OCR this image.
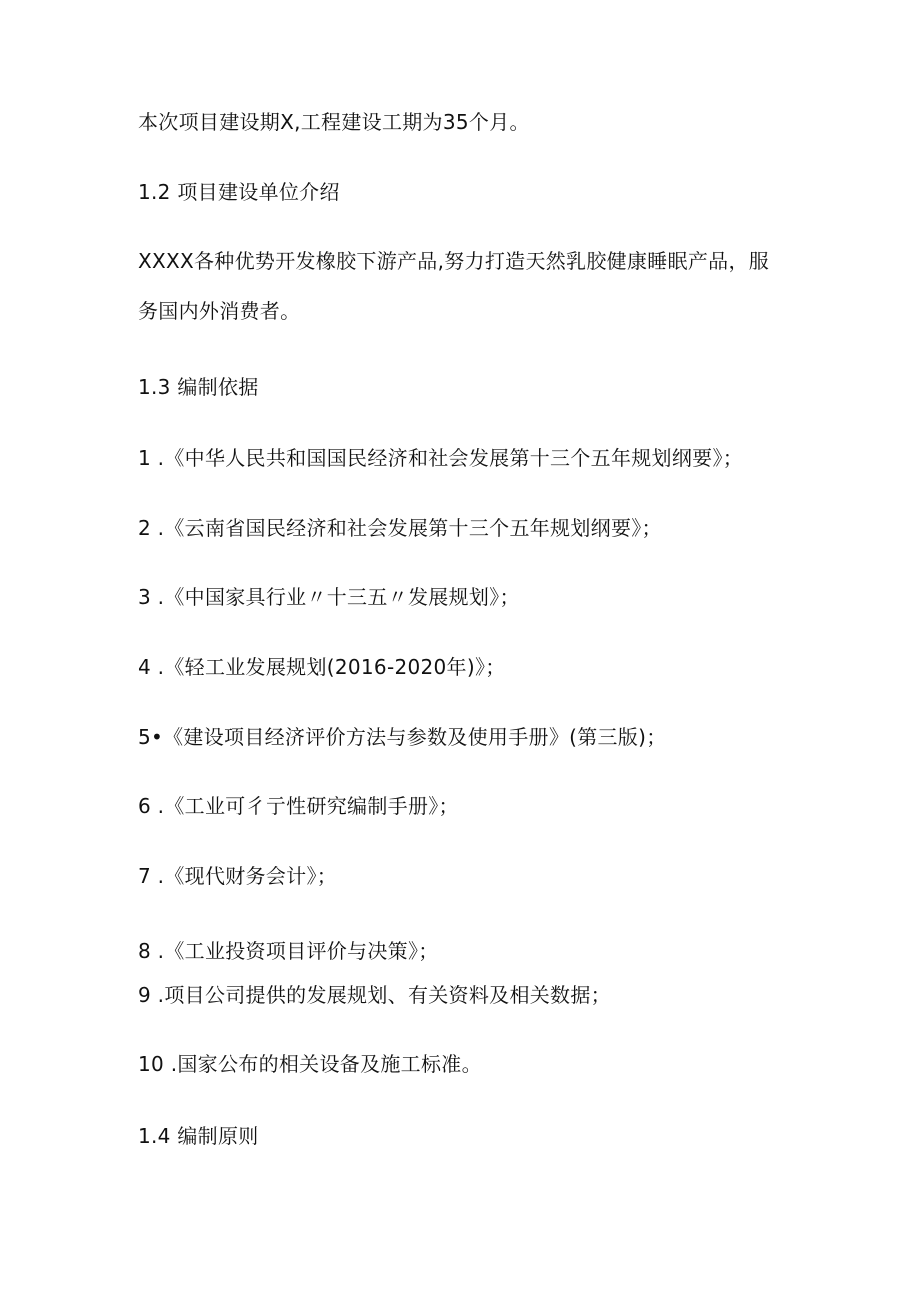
本次项目建设期X,工程建设工期为35个月。
1.2 项目建设单位介绍
XXXX各种优势开发橡胶下游产品,努力打造天然乳胶健康睡眠产品，服
务国内外消费者。
1.3 编制依据
1 .《中华人民共和国国民经济和社会发展第十三个五年规划纲要》；
2 .《云南省国民经济和社会发展第十三个五年规划纲要》；
3 .《中国家具行业〃十三五〃发展规划》；
4 .《轻工业发展规划(2016-2020年)》；
5•《建设项目经济评价方法与参数及使用手册》(第三版)；
6 .《工业可彳亍性研究编制手册》；
7 .《现代财务会计》；
8 .《工业投资项目评价与决策》；
9 .项目公司提供的发展规划、有关资料及相关数据；
10 .国家公布的相关设备及施工标准。
1.4 编制原则
